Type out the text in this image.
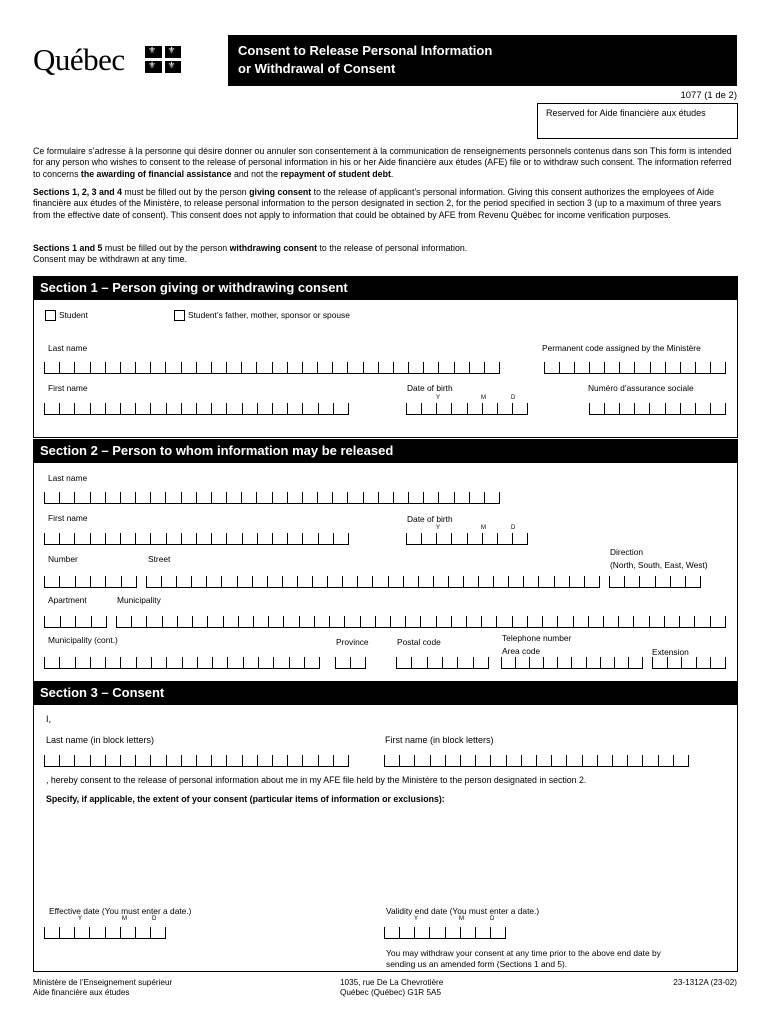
Québec ⚜ ⚜
⚜
⚜	Consent to Release Personal Information
or Withdrawal of Consent
1077 (1 de 2)
Reserved for Aide financière aux études
Ce formulaire s’adresse à la personne qui désire donner ou annuler son consentement à la communication de renseignements personnels contenus dans son This form is intended for any person who wishes to consent to the release of personal information in his or her Aide financière aux études (AFE) file or to withdraw such consent. The information referred to concerns the awarding of financial assistance and not the repayment of student debt.
Sections 1, 2, 3 and 4 must be filled out by the person giving consent to the release of applicant’s personal information. Giving this consent authorizes the employees of Aide financière aux études of the Ministère, to release personal information to the person designated in section 2, for the period specified in section 3 (up to a maximum of three years from the effective date of consent). This consent does not apply to information that could be obtained by AFE from Revenu Québec for income verification purposes.
Sections 1 and 5 must be filled out by the person withdrawing consent to the release of personal information.
Consent may be withdrawn at any time.
Section 1 – Person giving or withdrawing consent
Student	Student’s father, mother, sponsor or spouse
Last name	Permanent code assigned by the Ministère
First name	Date of birth	Numéro d’assurance sociale
Y	M	D
Section 2 – Person to whom information may be released
Last name
First name	Date of birth
Y	M	D
Number	Street
Direction
(North, South, East, West)
Apartment	Municipality
Municipality (cont.)	Province	Postal code	Telephone number
Area code	Extension
Section 3 – Consent
I,
Last name (in block letters)	First name (in block letters)
, hereby consent to the release of personal information about me in my AFE file held by the Ministère to the person designated in section 2.
Specify, if applicable, the extent of your consent (particular items of information or exclusions):
Effective date (You must enter a date.)	Validity end date (You must enter a date.)
Y	M	D	Y	M	D
You may withdraw your consent at any time prior to the above end date by sending us an amended form (Sections 1 and 5).
Ministère de l’Enseignement supérieur
Aide financière aux études
1035, rue De La Chevrotière
Québec (Québec) G1R 5A5
23-1312A (23-02)
